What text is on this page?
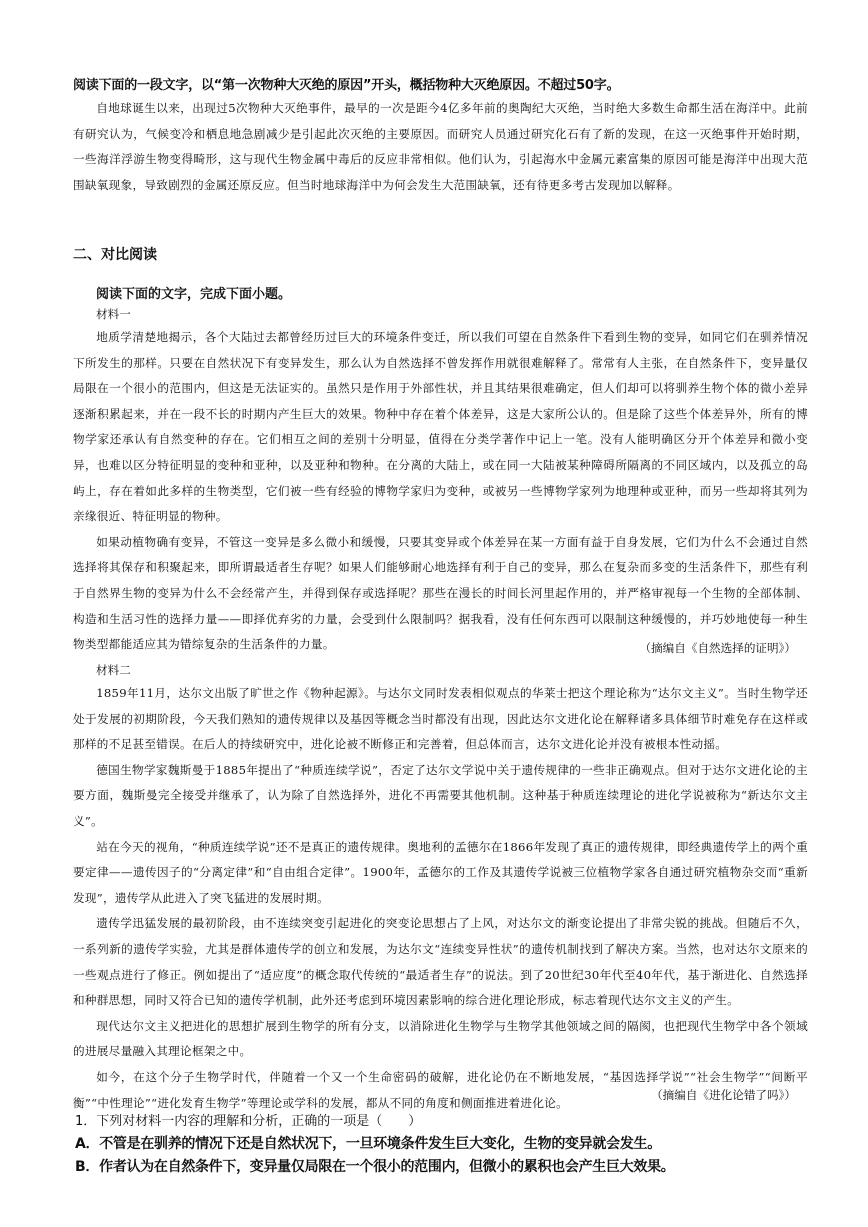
阅读下面的一段文字，以“第一次物种大灭绝的原因”开头，概括物种大灭绝原因。不超过50字。

自地球诞生以来，出现过5次物种大灭绝事件，最早的一次是距今4亿多年前的奥陶纪大灭绝，当时绝大多数生命都生活在海洋中。此前有研究认为，气候变冷和栖息地急剧减少是引起此次灭绝的主要原因。而研究人员通过研究化石有了新的发现，在这一灭绝事件开始时期，一些海洋浮游生物变得畸形，这与现代生物金属中毒后的反应非常相似。他们认为，引起海水中金属元素富集的原因可能是海洋中出现大范围缺氧现象，导致剧烈的金属还原反应。但当时地球海洋中为何会发生大范围缺氧，还有待更多考古发现加以解释。

二、对比阅读
阅读下面的文字，完成下面小题。
材料一

地质学清楚地揭示，各个大陆过去都曾经历过巨大的环境条件变迁，所以我们可望在自然条件下看到生物的变异，如同它们在驯养情况下所发生的那样。只要在自然状况下有变异发生，那么认为自然选择不曾发挥作用就很难解释了。常常有人主张，在自然条件下，变异量仅局限在一个很小的范围内，但这是无法证实的。虽然只是作用于外部性状，并且其结果很难确定，但人们却可以将驯养生物个体的微小差异逐渐积累起来，并在一段不长的时期内产生巨大的效果。物种中存在着个体差异，这是大家所公认的。但是除了这些个体差异外，所有的博物学家还承认有自然变种的存在。它们相互之间的差别十分明显，值得在分类学著作中记上一笔。没有人能明确区分开个体差异和微小变异，也难以区分特征明显的变种和亚种，以及亚种和物种。在分离的大陆上，或在同一大陆被某种障碍所隔离的不同区域内，以及孤立的岛屿上，存在着如此多样的生物类型，它们被一些有经验的博物学家归为变种，或被另一些博物学家列为地理种或亚种，而另一些却将其列为亲缘很近、特征明显的物种。

如果动植物确有变异，不管这一变异是多么微小和缓慢，只要其变异或个体差异在某一方面有益于自身发展，它们为什么不会通过自然选择将其保存和积聚起来，即所谓最适者生存呢？如果人们能够耐心地选择有利于自己的变异，那么在复杂而多变的生活条件下，那些有利于自然界生物的变异为什么不会经常产生，并得到保存或选择呢？那些在漫长的时间长河里起作用的，并严格审视每一个生物的全部体制、构造和生活习性的选择力量——即择优弃劣的力量，会受到什么限制吗？据我看，没有任何东西可以限制这种缓慢的，并巧妙地使每一种生物类型都能适应其为错综复杂的生活条件的力量。	（摘编自《自然选择的证明》）
材料二

1859年11月，达尔文出版了旷世之作《物种起源》。与达尔文同时发表相似观点的华莱士把这个理论称为“达尔文主义”。当时生物学还处于发展的初期阶段，今天我们熟知的遗传规律以及基因等概念当时都没有出现，因此达尔文进化论在解释诸多具体细节时难免存在这样或那样的不足甚至错误。在后人的持续研究中，进化论被不断修正和完善着，但总体而言，达尔文进化论并没有被根本性动摇。

德国生物学家魏斯曼于1885年提出了“种质连续学说”，否定了达尔文学说中关于遗传规律的一些非正确观点。但对于达尔文进化论的主要方面，魏斯曼完全接受并继承了，认为除了自然选择外，进化不再需要其他机制。这种基于种质连续理论的进化学说被称为“新达尔文主义”。

站在今天的视角，“种质连续学说”还不是真正的遗传规律。奥地利的孟德尔在1866年发现了真正的遗传规律，即经典遗传学上的两个重要定律——遗传因子的“分离定律”和“自由组合定律”。1900年，孟德尔的工作及其遗传学说被三位植物学家各自通过研究植物杂交而“重新发现”，遗传学从此进入了突飞猛进的发展时期。

遗传学迅猛发展的最初阶段，由不连续突变引起进化的突变论思想占了上风，对达尔文的渐变论提出了非常尖锐的挑战。但随后不久，一系列新的遗传学实验，尤其是群体遗传学的创立和发展，为达尔文“连续变异性状”的遗传机制找到了解决方案。当然，也对达尔文原来的一些观点进行了修正。例如提出了“适应度”的概念取代传统的“最适者生存”的说法。到了20世纪30年代至40年代，基于渐进化、自然选择和种群思想，同时又符合已知的遗传学机制，此外还考虑到环境因素影响的综合进化理论形成，标志着现代达尔文主义的产生。

现代达尔文主义把进化的思想扩展到生物学的所有分支，以消除进化生物学与生物学其他领域之间的隔阂，也把现代生物学中各个领域的进展尽量融入其理论框架之中。

如今，在这个分子生物学时代，伴随着一个又一个生命密码的破解，进化论仍在不断地发展，“基因选择学说”“社会生物学”“间断平衡”“中性理论”“进化发育生物学”等理论或学科的发展，都从不同的角度和侧面推进着进化论。

（摘编自《进化论错了吗》）
1．下列对材料一内容的理解和分析，正确的一项是（　　）
A．不管是在驯养的情况下还是自然状况下，一旦环境条件发生巨大变化，生物的变异就会发生。
B．作者认为在自然条件下，变异量仅局限在一个很小的范围内，但微小的累积也会产生巨大效果。
